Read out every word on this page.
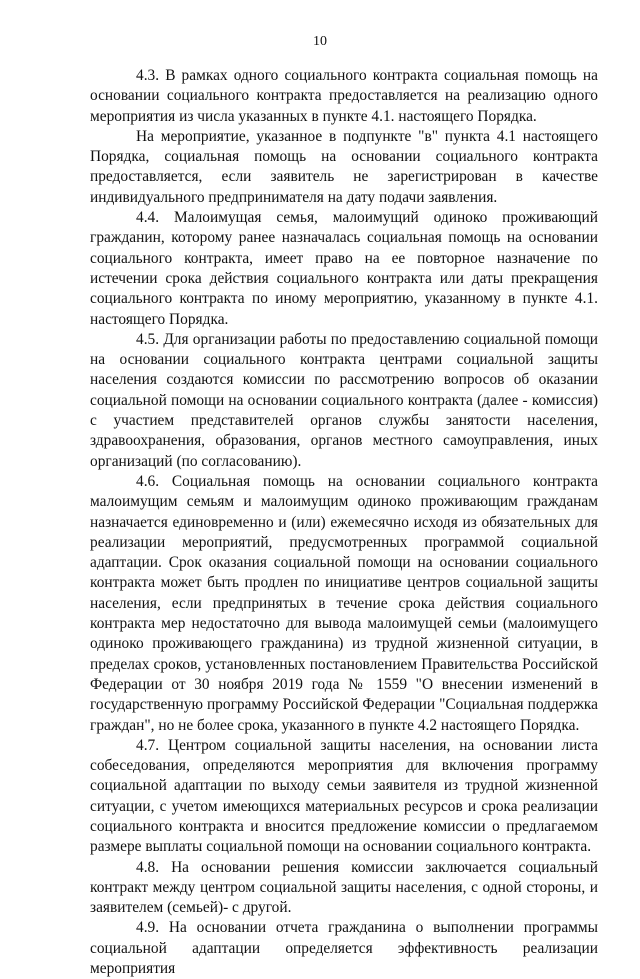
10

4.3. В рамках одного социального контракта социальная помощь на основании социального контракта предоставляется на реализацию одного мероприятия из числа указанных в пункте 4.1. настоящего Порядка.

На мероприятие, указанное в подпункте "в" пункта 4.1 настоящего Порядка, социальная помощь на основании социального контракта предоставляется, если заявитель не зарегистрирован в качестве индивидуального предпринимателя на дату подачи заявления.

4.4. Малоимущая семья, малоимущий одиноко проживающий гражданин, которому ранее назначалась социальная помощь на основании социального контракта, имеет право на ее повторное назначение по истечении срока действия социального контракта или даты прекращения социального контракта по иному мероприятию, указанному в пункте 4.1. настоящего Порядка.

4.5. Для организации работы по предоставлению социальной помощи на основании социального контракта центрами социальной защиты населения создаются комиссии по рассмотрению вопросов об оказании социальной помощи на основании социального контракта (далее - комиссия) с участием представителей органов службы занятости населения, здравоохранения, образования, органов местного самоуправления, иных организаций (по согласованию).

4.6. Социальная помощь на основании социального контракта малоимущим семьям и малоимущим одиноко проживающим гражданам назначается единовременно и (или) ежемесячно исходя из обязательных для реализации мероприятий, предусмотренных программой социальной адаптации. Срок оказания социальной помощи на основании социального контракта может быть продлен по инициативе центров социальной защиты населения, если предпринятых в течение срока действия социального контракта мер недостаточно для вывода малоимущей семьи (малоимущего одиноко проживающего гражданина) из трудной жизненной ситуации, в пределах сроков, установленных постановлением Правительства Российской Федерации от 30 ноября 2019 года № 1559 "О внесении изменений в государственную программу Российской Федерации "Социальная поддержка граждан", но не более срока, указанного в пункте 4.2 настоящего Порядка.

4.7. Центром социальной защиты населения, на основании листа собеседования, определяются мероприятия для включения программу социальной адаптации по выходу семьи заявителя из трудной жизненной ситуации, с учетом имеющихся материальных ресурсов и срока реализации социального контракта и вносится предложение комиссии о предлагаемом размере выплаты социальной помощи на основании социального контракта.

4.8. На основании решения комиссии заключается социальный контракт между центром социальной защиты населения, с одной стороны, и заявителем (семьей)- с другой.

4.9. На основании отчета гражданина о выполнении программы социальной адаптации определяется эффективность реализации мероприятия
